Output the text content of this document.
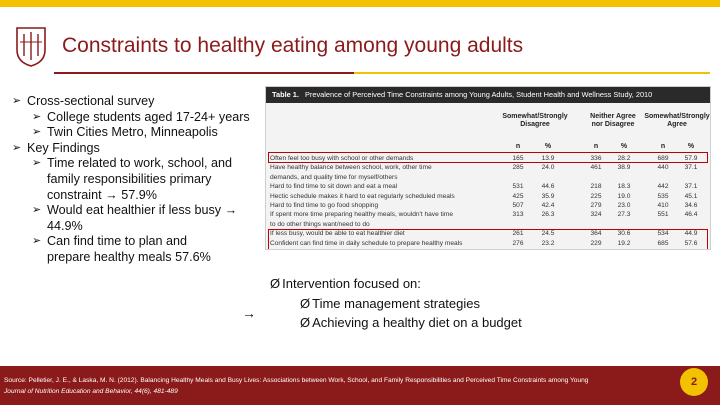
Constraints to healthy eating among young adults
➢ Cross-sectional survey
➢ College students aged 17-24+ years
➢ Twin Cities Metro, Minneapolis
➢ Key Findings
➢ Time related to work, school, and family responsibilities primary constraint → 57.9%
➢ Would eat healthier if less busy → 44.9%
➢ Can find time to plan and prepare healthy meals 57.6%
→
Table 1. Prevalence of Perceived Time Constraints among Young Adults, Student Health and Wellness Study, 2010
Somewhat/Strongly Disagree
Neither Agree nor Disagree
Somewhat/Strongly Agree
n	%	n	%	n	%
Often feel too busy with school or other demands	165	13.9	336	28.2	689	57.9
Have healthy balance between school, work, other time	285	24.0	461	38.9	440	37.1
demands, and quality time for myself/others
Hard to find time to sit down and eat a meal	531	44.6	218	18.3	442	37.1
Hectic schedule makes it hard to eat regularly scheduled meals	425	35.9	225	19.0	535	45.1
Hard to find time to go food shopping	507	42.4	279	23.0	410	34.6
If spent more time preparing healthy meals, wouldn't have time	313	26.3	324	27.3	551	46.4
to do other things want/need to do
If less busy, would be able to eat healthier diet	261	24.5	364	30.6	534	44.9
Confident can find time in daily schedule to prepare healthy meals	276	23.2	229	19.2	685	57.6
Ø Intervention focused on:
Ø Time management strategies
Ø Achieving a healthy diet on a budget
Source: Pelletier, J. E., & Laska, M. N. (2012). Balancing Healthy Meals and Busy Lives: Associations between Work, School, and Family Responsibilities and Perceived Time Constraints among Young
Journal of Nutrition Education and Behavior, 44(6), 481-489
2
